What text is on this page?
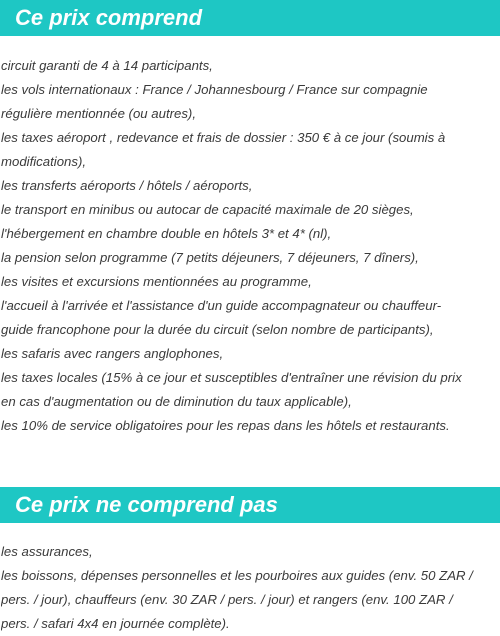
Ce prix comprend
circuit garanti de 4 à 14 participants,
les vols internationaux : France / Johannesbourg / France sur compagnie
régulière mentionnée (ou autres),
les taxes aéroport , redevance et frais de dossier : 350 € à ce jour (soumis à
modifications),
les transferts aéroports / hôtels / aéroports,
le transport en minibus ou autocar de capacité maximale de 20 sièges,
l'hébergement en chambre double en hôtels 3* et 4* (nl),
la pension selon programme (7 petits déjeuners, 7 déjeuners, 7 dîners),
les visites et excursions mentionnées au programme,
l'accueil à l'arrivée et l'assistance d'un guide accompagnateur ou chauffeur-
guide francophone pour la durée du circuit (selon nombre de participants),
les safaris avec rangers anglophones,
les taxes locales (15% à ce jour et susceptibles d'entraîner une révision du prix
en cas d'augmentation ou de diminution du taux applicable),
les 10% de service obligatoires pour les repas dans les hôtels et restaurants.
Ce prix ne comprend pas
les assurances,
les boissons, dépenses personnelles et les pourboires aux guides (env. 50 ZAR /
pers. / jour), chauffeurs (env. 30 ZAR / pers. / jour) et rangers (env. 100 ZAR /
pers. / safari 4x4 en journée complète).
